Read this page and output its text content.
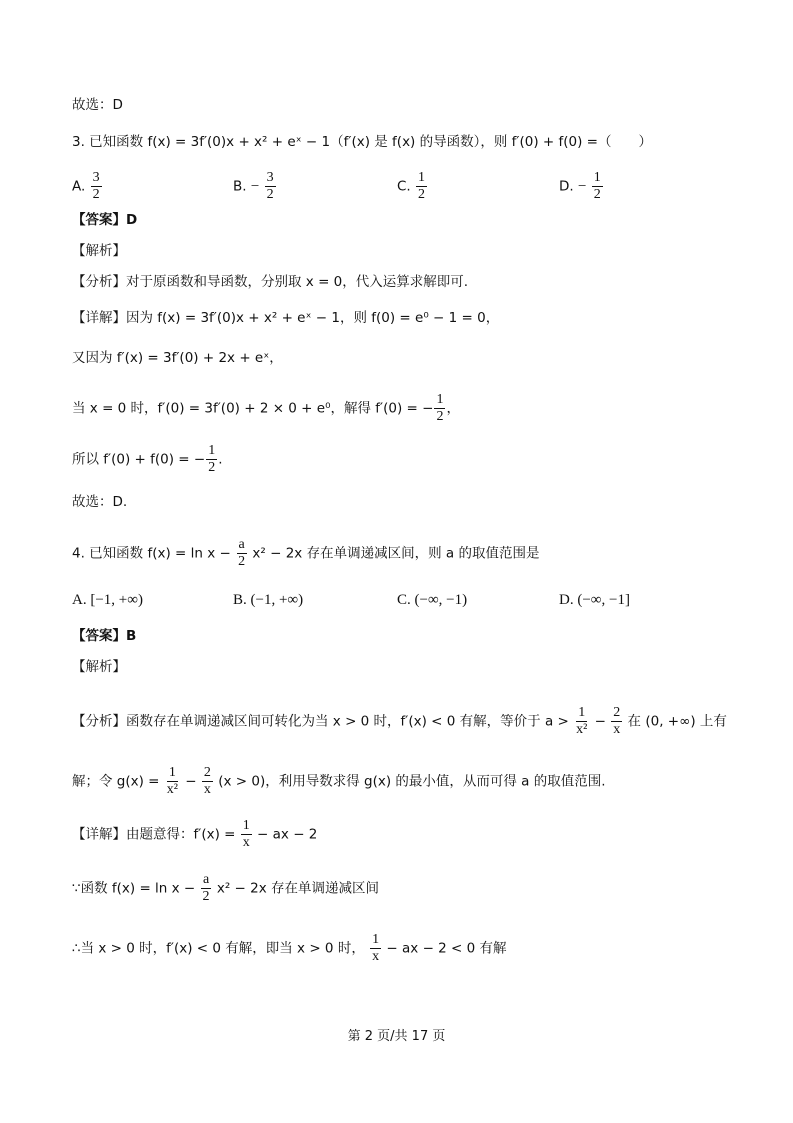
故选：D
3. 已知函数 f(x) = 3f′(0)x + x² + eˣ − 1（f′(x) 是 f(x) 的导函数），则 f′(0) + f(0) =（　　）
A. $\frac{3}{2}$	B. − $\frac{3}{2}$	C. $\frac{1}{2}$	D. − $\frac{1}{2}$
【答案】D
【解析】
【分析】对于原函数和导函数，分别取 x = 0，代入运算求解即可.
【详解】因为 f(x) = 3f′(0)x + x² + eˣ − 1，则 f(0) = e⁰ − 1 = 0，
又因为 f′(x) = 3f′(0) + 2x + eˣ，
当 x = 0 时，f′(0) = 3f′(0) + 2 × 0 + e⁰，解得 f′(0) = − $\frac{1}{2}$ ，
所以 f′(0) + f(0) = − $\frac{1}{2}$ .
故选：D.
4. 已知函数 $f(x) = \ln x - \frac{a}{2} x^2 - 2x$ 存在单调递减区间，则 a 的取值范围是
A. [−1, +∞)	B. (−1, +∞)	C. (−∞, −1)	D. (−∞, −1]
【答案】B
【解析】
【分析】函数存在单调递减区间可转化为当 x > 0 时，f′(x) < 0 有解，等价于 $a > \frac{1}{\text{x²}} - \frac{2}{x}$ 在 (0, +∞) 上有
解；令 $g(x) = \frac{1}{\text{x²}} - \frac{2}{x} (x > 0)$，利用导数求得 g(x) 的最小值，从而可得 a 的取值范围.
【详解】由题意得：$f'(x) = \frac{1}{x}$ − ax − 2
∵函数 $f(x) = \ln x - \frac{a}{2} x^2 - 2x$ 存在单调递减区间
∴当 x > 0 时，f′(x) < 0 有解，即当 x > 0 时， $\frac{1}{x}$ − ax − 2 < 0 有解
第 2 页/共 17 页
